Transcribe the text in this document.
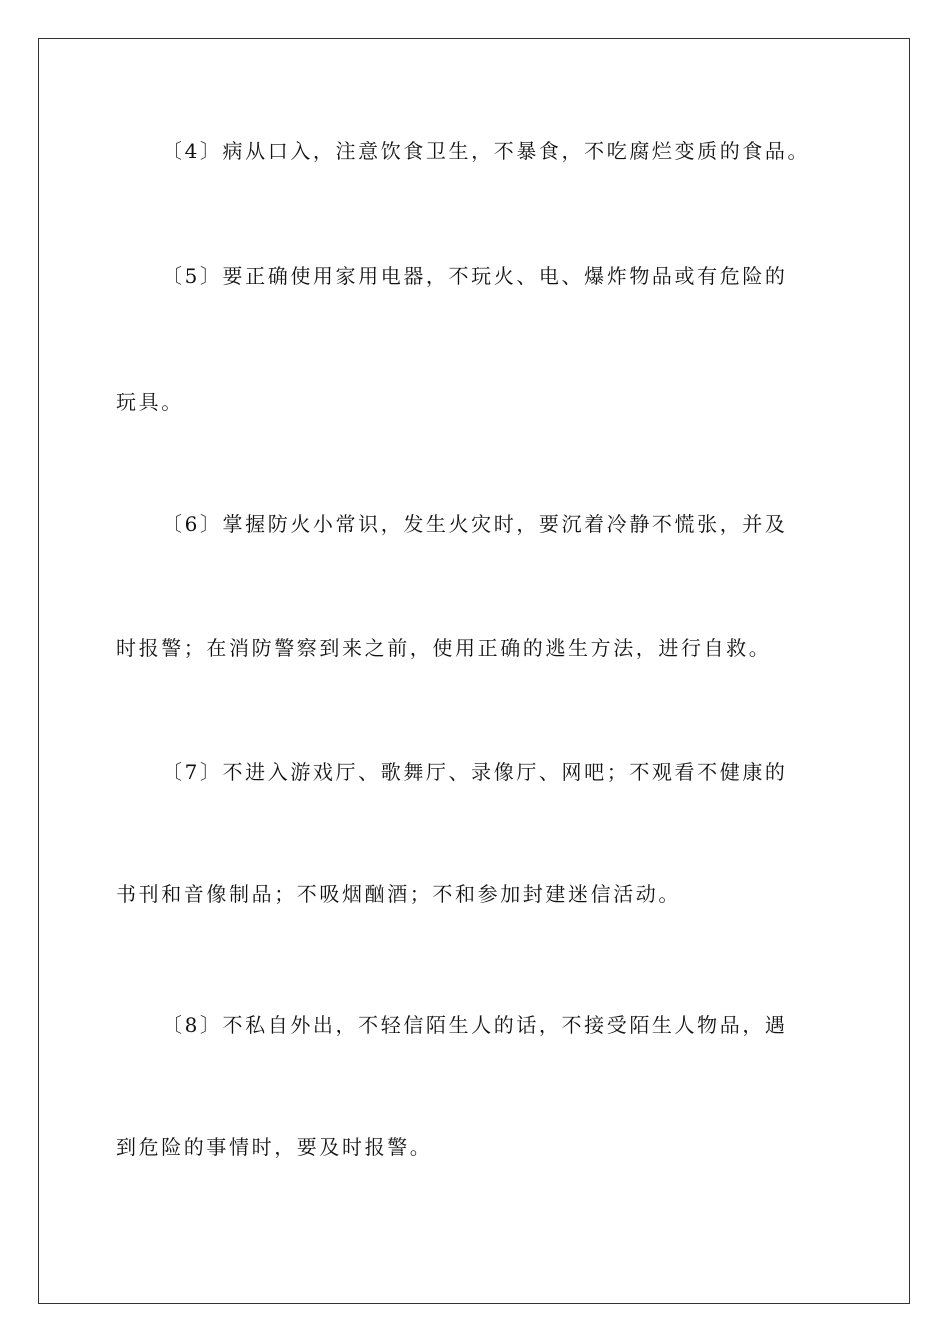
〔4〕病从口入，注意饮食卫生，不暴食，不吃腐烂变质的食品。
〔5〕要正确使用家用电器，不玩火、电、爆炸物品或有危险的
玩具。
〔6〕掌握防火小常识，发生火灾时，要沉着冷静不慌张，并及
时报警；在消防警察到来之前，使用正确的逃生方法，进行自救。
〔7〕不进入游戏厅、歌舞厅、录像厅、网吧；不观看不健康的
书刊和音像制品；不吸烟酗酒；不和参加封建迷信活动。
〔8〕不私自外出，不轻信陌生人的话，不接受陌生人物品，遇
到危险的事情时，要及时报警。
